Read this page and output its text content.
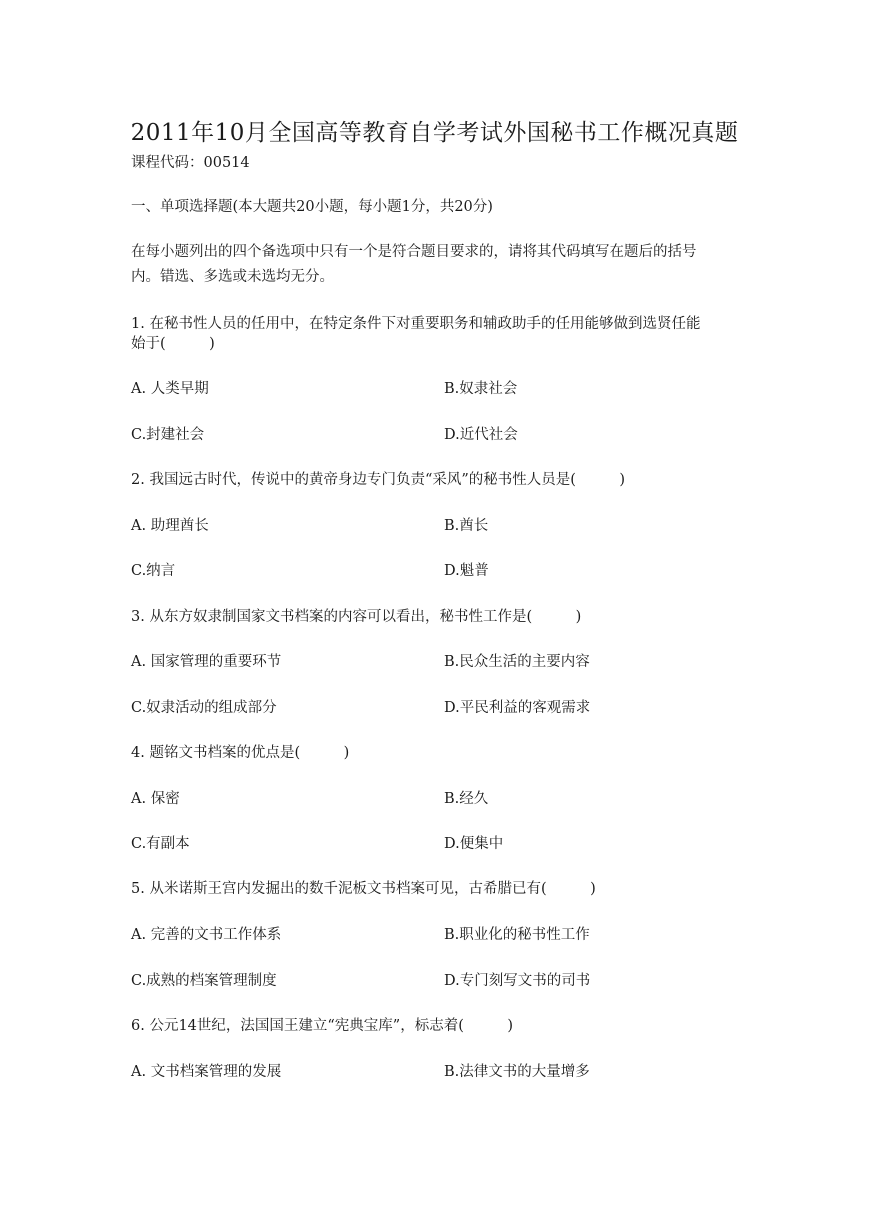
2011年10月全国高等教育自学考试外国秘书工作概况真题
课程代码：00514
一、单项选择题(本大题共20小题，每小题1分，共20分)
在每小题列出的四个备选项中只有一个是符合题目要求的，请将其代码填写在题后的括号
内。错选、多选或未选均无分。
1. 在秘书性人员的任用中，在特定条件下对重要职务和辅政助手的任用能够做到选贤任能
始于(　　　)
A. 人类早期	B.奴隶社会
C.封建社会	D.近代社会
2. 我国远古时代，传说中的黄帝身边专门负责“采风”的秘书性人员是(　　　)
A. 助理酋长	B.酋长
C.纳言	D.魁普
3. 从东方奴隶制国家文书档案的内容可以看出，秘书性工作是(　　　)
A. 国家管理的重要环节	B.民众生活的主要内容
C.奴隶活动的组成部分	D.平民利益的客观需求
4. 题铭文书档案的优点是(　　　)
A. 保密	B.经久
C.有副本	D.便集中
5. 从米诺斯王宫内发掘出的数千泥板文书档案可见，古希腊已有(　　　)
A. 完善的文书工作体系	B.职业化的秘书性工作
C.成熟的档案管理制度	D.专门刻写文书的司书
6. 公元14世纪，法国国王建立“宪典宝库”，标志着(　　　)
A. 文书档案管理的发展	B.法律文书的大量增多
